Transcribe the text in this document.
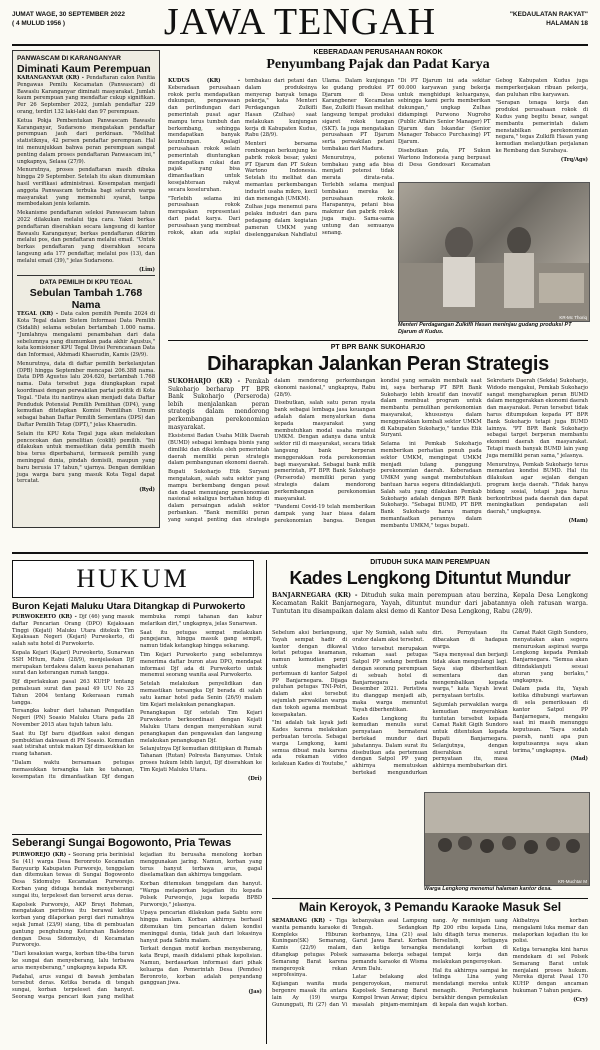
JUMAT WAGE, 30 SEPTEMBER 2022
( 4 MULUD 1956 )	JAWA TENGAH	"KEDAULATAN RAKYAT"
HALAMAN 18
PANWASCAM DI KARANGANYAR
Diminati Kaum Perempuan

KARANGANYAR (KR) - Pendaftaran calon Panitia Pengawas Pemilu Kecamatan (Panwascam) di Bawaslu Karanganyar diminati masyarakat. Jumlah kaum perempuan yang mendaftar cukup signifikan. Per 26 September 2022, jumlah pendaftar 229 orang, terdiri 132 laki-laki dan 97 perempuan.

Ketua Pokja Pembentukan Panwascam Bawaslu Karanganyar, Sudarsono mengatakan pendaftar perempuan jauh dari perkiraan. "Melihat statistiknya, 42 persen pendaftar perempuan. Hal ini menunjukkan bahwa peran perempuan sangat penting dalam proses pendaftaran Panwascam ini," ungkapnya, Selasa (27/9).

Menurutnya, proses pendaftaran masih dibuka hingga 29 September. Setelah itu akan diumumkan hasil verifikasi administrasi. Kesempatan menjadi anggota Panwascam terbuka bagi seluruh warga masyarakat yang memenuhi syarat, tanpa membedakan jenis kelamin.

Mekanisme pendaftaran seleksi Panwascam tahun 2022 dilakukan melalui tiga cara. Yakni berkas pendaftaran diserahkan secara langsung di kantor Bawaslu Karanganyar, berkas pendaftaran dikirim melalui pos, dan pendaftaran melalui email. "Untuk berkas pendaftaran yang diserahkan secara langsung ada 177 pendaftar, melalui pos (13), dan melalui email (39)," jelas Sudarsono.

(Lim)
DATA PEMILIH DI KPU TEGAL
Sebulan Tambah 1.768 Nama

TEGAL (KR) - Data calon pemilih Pemilu 2024 di Kota Tegal dalam Sistem Informasi Data Pemilih (Sidalih) selama sebulan bertambah 1.000 nama. "Jumlahnya mengalami penambahan dari data sebelumnya yang diumumkan pada akhir Agustus," kata komisioner KPU Tegal Divisi Perencanaan Data dan Informasi, Akhmadi Khaerudin, Kamis (29/9).

Menurutnya, data di daftar pemilih berkelanjutan (DPB) hingga September mencapai 206.388 nama. Data DPB Agustus lalu 204.620, bertambah 1.768 nama. Data tersebut juga diungkapkan rapat koordinasi dengan perwakilan partai politik di Kota Tegal. "Data itu nantinya akan menjadi data Daftar Penduduk Potensial Pemilih Pemilihan (DP4), yang kemudian ditetapkan Komisi Pemilihan Umum sebagai bahan Daftar Pemilih Sementara (DPS) dan Daftar Pemilih Tetap (DPT)," jelas Khaerudin.

Selain itu KPU Kota Tegal juga akan melakukan pencocokan dan penelitian (coklit) pemilih. "Ini dilakukan untuk memastikan data pemilih masih bisa terus diperbaharui, termasuk pemilih yang meninggal dunia, pindah domisili, maupun yang baru berusia 17 tahun," ujarnya. Dengan demikian juga warga baru yang masuk Kota Tegal dapat tercatat.

(Ryd)
KEBERADAAN PERUSAHAAN ROKOK
Penyumbang Pajak dan Padat Karya

KUDUS (KR) - Keberadaan perusahaan rokok perlu mendapatkan dukungan, pengawasan dan perlindungan dari pemerintah pusat agar mampu terus tumbuh dan berkembang, sehingga mendapatkan banyak keuntungan. Apalagi perusahaan rokok selain pemerintah diuntungkan mendapatkan cukai dan pajak yang bisa dimanfaatkan untuk kesejahteraan rakyat secara keseluruhan.

"Terlebih selama ini perusahaan rokok merupakan representasi dari padat karya. Dari perusahaan yang membuat rokok, akan ada suplai tembakau dari petani dan dalam produksinya menyerap banyak tenaga pekerja," kata Menteri Perdagangan Zulkifli Hasan (Zulhas) saat melakukan kunjungan kerja di Kabupaten Kudus, Rabu (28/9).

Menteri bersama rombongan berkunjung ke pabrik rokok besar, yakni PT Djarum dan PT Sukun Wartono Indonesia. Setelah itu melihat dan memantau perkembangan industri usaha mikro, kecil dan menengah (UMKM).

Zulhas juga menemui para pelaku industri dan para pedagang dalam kegiatan pameran UMKM yang diselenggarakan Nahdlatul Ulama. Dalam kunjungan ke gudang produksi PT Djarum di Desa Karangbener Kecamatan Bae, Zulkifli Hasan melihat langsung tempat produksi sigaret rokok tangan (SKT). Ia juga mengatakan perusahaan PT Djarum serta perwakilan petani tembakau dari Madura.

Menurutnya, potensi tembakau yang ada bisa menjadi potensi tidak merata dirata-rata. Terlebih selama menjual tembakau mereka ke perusahaan rokok. Harapannya, petani bisa makmur dan pabrik rokok juga maju. Sama-sama untung dan semuanya senang.

"Di PT Djarum ini ada sekitar 60.000 karyawan yang bekerja untuk menghidupi keluarganya, sebingga kami perlu memberikan dukungan," ungkap Zulhas didampingi Purwono Nugroho (Public Affairs Senior Manager) PT Djarum dan Iskandar (Senior Manager Tobacco Purchasing) PT Djarum.

Disebutkan pula, PT Sukun Wartono Indonesia yang berpusat di Desa Gondosari Kecamatan Gebog Kabupaten Kudus juga memperkerjakan ribuan pekerja, dan puluhan ribu karyawan.

"Serapan tenaga kerja dan produksi perusahaan rokok di Kudus yang begitu besar, sangat membantu pemerintah dalam menstabilkan perekonomian negara," tegas Zulkifli Hasan yang kemudian melanjutkan perjalanan ke Rembang dan Surabaya.

(Trq/Ags)
KR-Mc Thoriq
Menteri Perdagangan Zulkifli Hasan meninjau gudang produksi PT Djarum di Kudus.
PT BPR BANK SUKOHARJO
Diharapkan Jalankan Peran Strategis

SUKOHARJO (KR) - Pemkab Sukoharjo berharap PT BPR Bank Sukoharjo (Perseroda) lebih menjalankan peran strategis dalam mendorong perkembangan perekonomian masyarakat.

Eksistensi Badan Usaha Milik Daerah (BUMD) sebagai lembaga bisnis yang dimiliki dan dikelola oleh pemerintah daerah memiliki peran strategis dalam pembangunan ekonomi daerah.

Bupati Sukoharjo Etik Suryani mengatakan, salah satu sektor yang mampu berkembang dengan pesat dan dapat menunjang perekonomian nasional sekaligus bertahan hidup di dalam persaingan adalah sektor perbankan. "Bank memiliki peran yang sangat penting dan strategis dalam mendorong perkembangan ekonomi nasional," ungkapnya, Rabu (28/9).

Disebutkan, salah satu peran nyata bank sebagai lembaga jasa keuangan adalah dalam menyalurkan dana kepada masyarakat yang membutuhkan modal usaha melalui UMKM. Dengan adanya dana untuk sektor riil di masyarakat, secara tidak langsung bank berperan menggerakkan roda perekonomian bagi masyarakat. Sebagai bank milik pemerintah, PT BPR Bank Sukoharjo (Perseroda) memiliki peran yang strategis dalam mendorong perkembangan perekonomian masyarakat.

"Pandemi Covid-19 telah memberikan dampak yang luar biasa dalam perekonomian bangsa. Dengan kondisi yang semakin membaik saat ini, saya berharap PT BPR Bank Sukoharjo lebih kreatif dan inovatif dalam membuat program untuk membantu pemulihan perekonomian masyarakat, khususnya dalam menggerakkan kembali sektor UMKM di Kabupaten Sukoharjo," tandas Etik Suryani.

Selama ini Pemkab Sukoharjo memberikan perhatian penuh pada sektor UMKM, mengingat UMKM menjadi tulang punggung perekonomian daerah. Keberadaan UMKM yang sangat membutuhkan bantuan harus segera ditindaklanjuti. Salah satu yang dilakukan Pemkab Sukoharjo adalah dengan BPR Bank Sukoharjo. "Sebagai BUMD, PT BPR Bank Sukoharjo harus mampu memanfaatkan perannya dalam membantu UMKM," tegas bupati.

Sekretaris Daerah (Sekda) Sukoharjo, Widodo mengakui, Pemkab Sukoharjo sangat mengharapkan peran BUMD dalam menggerakkan ekonomi daerah dan masyarakat. Peran tersebut tidak harus ditumpukan kepada PT BPR Bank Sukoharjo tetapi juga BUMD lainnya. "PT BPR Bank Sukoharjo sebagai target berperan membantu ekonomi daerah dan masyarakat. Tetapi masih banyak BUMD lain yang juga memiliki peran sama," jelasnya.

Menurutnya, Pemkab Sukoharjo terus memantau kondisi BUMD. Hal itu dilakukan agar sejalan dengan program kerja daerah. "Tidak hanya bidang sosial, tetapi juga harus berkontribusi pada daerah dan dapat meningkatkan pendapatan asli daerah," ungkapnya.

(Mam)
HUKUM
Buron Kejati Maluku Utara Ditangkap di Purwokerto

PURWOKERTO (KR) - Djf (46) yang masuk daftar Pencarian Orang (DPO) Kejaksaan Tinggi (Kejati) Maluku Utara ditekuk Tim Kejaksaan Negeri (Kejari) Purwokerto, di salah satu hotel di Purwokerto.

Kepala Kejari (Kajari) Purwokerto, Sunarwan SSH MHum, Rabu (28/9), menjelaskan Djf merupakan terdakwa dalam kasus penahanan surat dan keterangan rumah tangga.

Djf diperlakukan pasal 263 KUHP tentang pemalsuan surat dan pasal 49 UU No 23 Tahun 2004 tentang Kekerasan rumah tangga.

Tersangka kabur dari tahanan Pengadilan Negeri (PN) Soasio Maluku Utara pada 28 November 2015 atau tujuh tahun lalu.

Saat itu Djf baru dijadikan saksi dengan pembuktian dakwaan di PN Soasio. Kemudian saat istirahat untuk makan Djf dimasukkan ke ruang tahanan.

"Dalam waktu bersamaan petugas memasukkan tersangka lain ke tahanan, kesempatan itu dimanfaatkan Djf dengan membuka rompi tahanan dan kabur melarikan diri," ungkapnya, jelas Sunarwan.

Saat itu petugas sempat melakukan pengejaran, hingga masuk gang sempit, namun tidak ketangkap hingga sekarang.

Tim Kejari Purwokerto yang sebelumnya menerima daftar buron atau DPO, mendapat informasi Djf ada di Purwokerto untuk menemui seorang wanita asal Purwokerto.

Setelah melakukan penyelidikan dan memastikan tersangka Djf berada di salah satu kamar hotel pada Senin (26/9) malam tim Kejari melakukan penangkapan.

Penangkapan Djf setelah Tim Kejari Purwokerto berkoordinasi dengan Kejati Maluku Utara dengan menyerahkan surat penangkapan dan pengawalan dan langsung melakukan penangkapan Djf.

Selanjutnya Djf kemudian dititipkan di Rumah Tahanan (Rutan) Polresta Banyumas. Untuk proses hukum lebih lanjut, Djf diserahkan ke Tim Kejati Maluku Utara.

(Dri)
Seberangi Sungai Bogowonto, Pria Tewas

PURWOREJO (KR) - Seorang pria berinisial Su (41) warga Desa Beronroto Kecamatan Banyuurip Kabupaten Purworejo, tenggelam dan ditemukan tewas di Sungai Bogowonto Desa Sidomulyo Kecamatan Purworejo. Korban yang diduga hendak menyeberangi sungai itu, terpeleset dan terseret arus deras.

Kapolsek Purworejo, AKP Bruyi Rohman, mengatakan peristiwa itu berawal ketika korban yang dilaporkan pergi dari rumahnya sejak Jumat (23/9) siang, tiba di pembuatan gantung penghubung Kelurahan Baledono dengan Desa Sidomulyo, di Kecamatan Purworejo.

"Dari kesaksian warga, korban tiba-tiba turun ke sungai dan menyeberang, lalu terbawa arus menyeberang," ungkapnya kepada KR.

Padahal, arus sungai di bawah jembatan tersebut deras. Ketika berada di tengah sungai, korban terpeleset dan hanyut. Seorang warga pencari ikan yang melihat kejadian itu berusaha menolong korban menggunakan jaring. Namun, korban yang terus hanyut terbawa arus, gagal diselamatkan dan akhirnya tenggelam.

Korban ditemukan tenggelam dan hanyut. "Warga melaporkan kejadian itu kepada Polsek Purworejo, juga kepada BPBD Purworejo," jelasnya.

Upaya pencarian dilakukan pada Sabtu sore hingga malam. Korban akhirnya berhasil ditemukan tim pencarian dalam kondisi meninggal dunia, tidak jauh dari lokasinya hanyut pada Sabtu malam.

Terkait dengan motif korban menyeberang, kata Brupi, masih didalami pihak kepolisian. Namun, berdasarkan informasi dari pihak keluarga dan Pemerintah Desa (Pemdes) Beronroto, korban adalah penyandang gangguan jiwa.

(Jas)
DITUDUH SUKA MAIN PEREMPUAN
Kades Lengkong Dituntut Mundur

BANJARNEGARA (KR) - Dituduh suka main perempuan atau berzina, Kepala Desa Lengkong Kecamatan Rakit Banjarnegara, Yayah, dituntut mundur dari jabatannya oleh ratusan warga. Tuntutan itu disampaikan dalam aksi demo di Kantor Desa Lengkong, Rabu (28/9).

Sebelum aksi berlangsung, Yayah sempat hadir di kantor dengan dikawal ketat petugas keamanan, namun kemudian pergi untuk menghadiri pertemuan di kantor Satpol PP Banjarnegara. Dijaga puluhan petugas TNI-Polri, dalam aksi tersebut sejumlah perwakilan warga dan tokoh agama membuat kesepakatan.

"Ini adalah tak layak jadi Kades karena melakukan perbuatan tercela. Sebagai warga Lengkong, kami semua dibuat malu karena ada rekaman video kelakuan Kades di Youtube," ujar Ny Sumiah, salah satu orator dalam aksi tersebut.

Video tersebut merupakan rekaman saat petugas Satpol PP sedang berdiam dengan seorang perempuan di sebuah hotel di Banjarnegara pada Desember 2021. Peristiwa itu dianggap menjadi aib, maka warga menuntut Yayah diberhentikan.

Kades Lengkong itu kemudian menulis surat pernyataan bermaterai bertekad mundur dari jabatannya. Dalam surat itu disebutkan ada pertemuan dengan Satpol PP yang akhirnya memutuskan bertekad mengundurkan diri. Pernyataan itu dibacakan di hadapan warga.

"Saya menyesal dan berjanji tidak akan mengulangi lagi. Saya siap diberhentikan sementara dan mengembalikan kepada warga," kata Yayah lewat pernyataan tertulis.

Sejumlah perwakilan warga kemudian menyerahkan tuntutan tersebut kepada Camat Rakit Gigih Sundoro untuk ditentukan kepada Bupati Banjarnegara. Selanjutnya, dengan diserahkan surat pernyataan itu, masa akhirnya membubarkan diri.

Camat Rakit Gigih Sundoro, menyatakan akan segera menuruskan aspirasi warga Lengkong kepada Pemkab Banjarnegara. "Semua akan ditindaklanjuti sesuai aturan yang berlaku," ungkapnya.

Dalam pada itu, Yayah ketika dihubungi wartawan di sela pemeriksaan di kantor Satpol PP Banjarnegara, mengaku saat ini masih menunggu keputusan. "Saya sudah pasrah, nanti apa pun keputusannya saya akan terima," ungkapnya.

(Mad)
KR-Muchtar M
Warga Lengkong menemui halaman kantor desa.
Main Keroyok, 3 Pemandu Karaoke Masuk Sel

SEMARANG (KR) - Tiga wanita pemandu karaoke di Kompleks Hiburan Kuningan(SK) Semarang, Kamis (22/9) malam, ditangkap petugas Polsek Semarang Barat karena mengeroyok rekan seprofesinya.

Kejiangan wanita muda bergenre masak itu antara lain Ay (19) warga Gunungpati, Ri (27) dan Vi kebanyakan asal Lampung Tengah. Sedangkan korbannya, Lina (21) asal Garut Jawa Barat. Korban dan ketiga tersangka samasama bekerja sebagai pemandu karaoke di Wisma Arum Dalu.

Latar belakang aksi pengeroyokan, menurut Kapolsek Semarang Barat Kompol Irwan Anwar, dipicu masalah pinjam-meminjam uang. Ay meminjam uang Rp 200 ribu kepada Lina, lalu ditagih terus menerus. Berselisih, ketiganya mendatangi korban di tempat kerja dan melakukan pengeroyokan.

Hal itu akhirnya sampai ke telinga Lina yang mendatangi mereka untuk menagih. Pertengkaran berakhir dengan pemukulan di kepala dan wajah korban. Akibatnya korban mengalami luka memar dan melaporkan kejadian itu ke polisi.

Ketiga tersangka kini harus mendekam di sel Polsek Semarang Barat untuk menjalani proses hukum. Mereka dijerat Pasal 170 KUHP dengan ancaman hukuman 7 tahun penjara.

(Cry)
